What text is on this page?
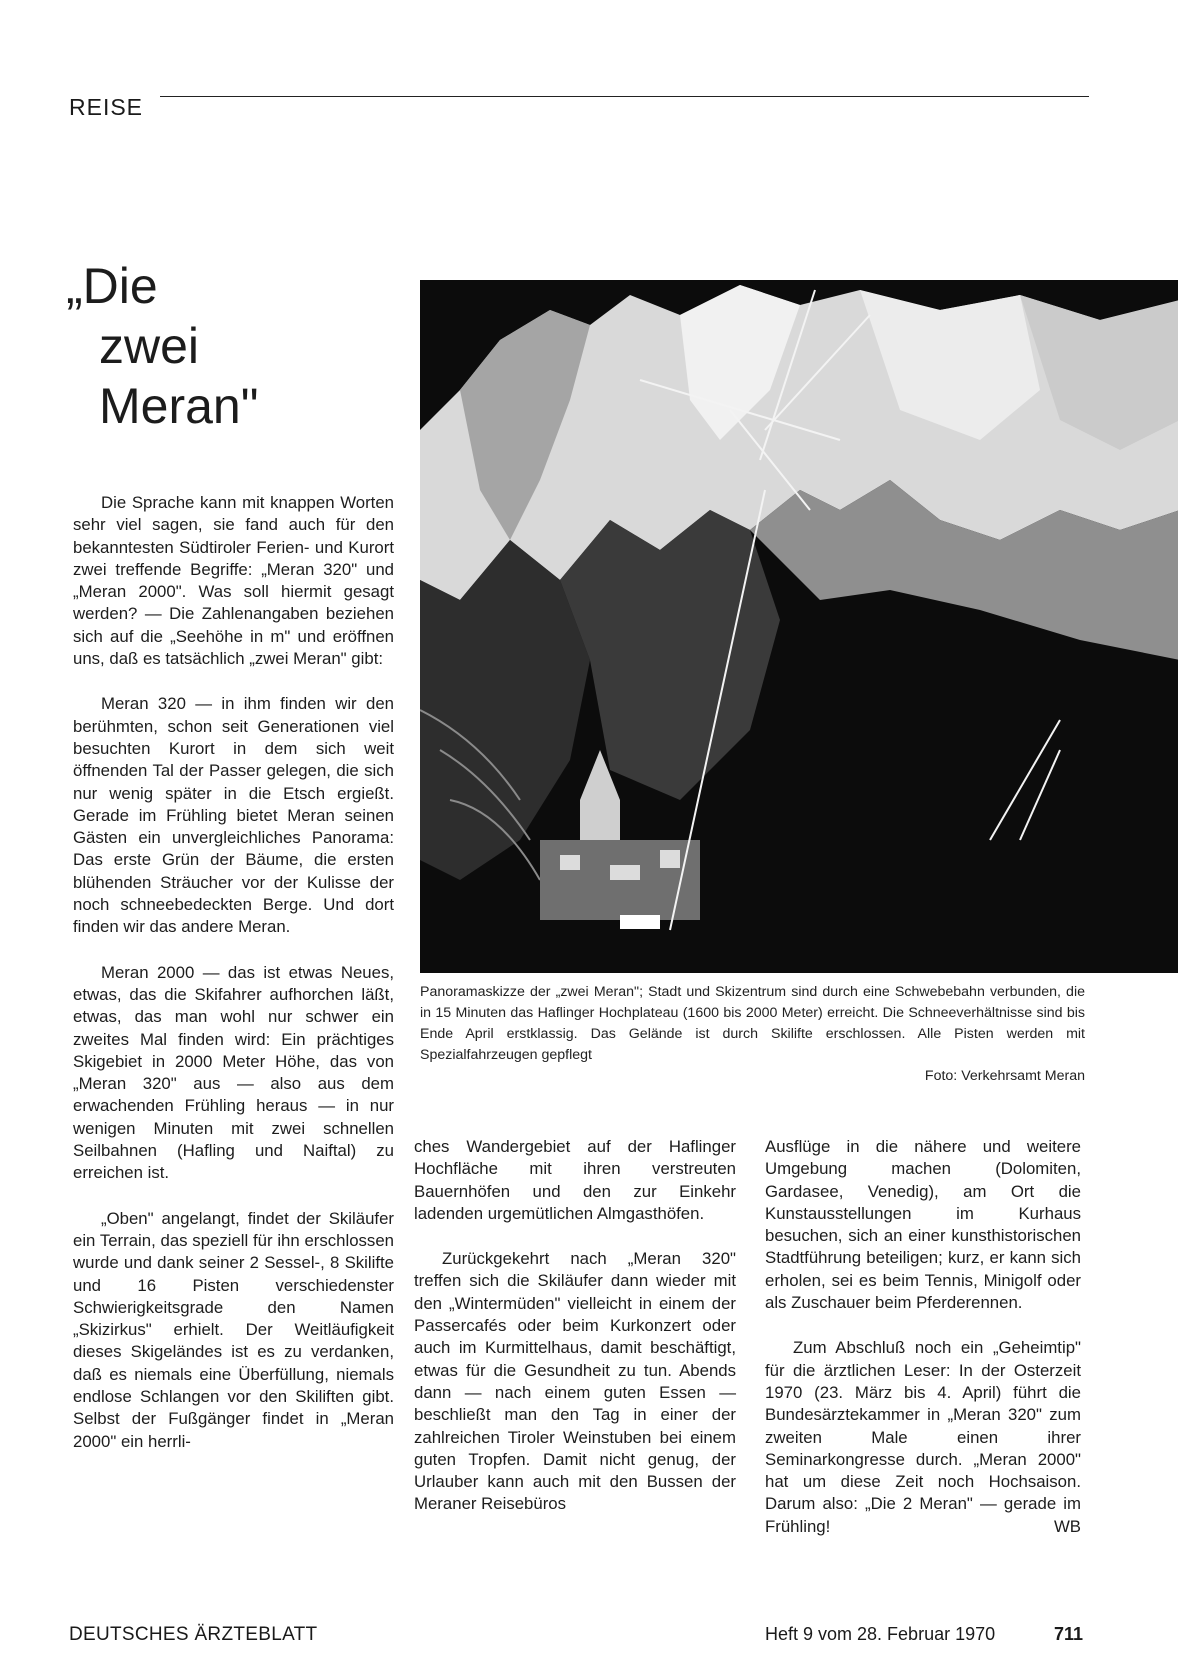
REISE
„Die
zwei
Meran"

Die Sprache kann mit knappen Worten sehr viel sagen, sie fand auch für den bekanntesten Südtiroler Ferien- und Kurort zwei treffende Begriffe: „Meran 320" und „Meran 2000". Was soll hiermit gesagt werden? — Die Zahlenangaben beziehen sich auf die „Seehöhe in m" und eröffnen uns, daß es tatsächlich „zwei Meran" gibt:

Meran 320 — in ihm finden wir den berühmten, schon seit Generationen viel besuchten Kurort in dem sich weit öffnenden Tal der Passer gelegen, die sich nur wenig später in die Etsch ergießt. Gerade im Frühling bietet Meran seinen Gästen ein unvergleichliches Panorama: Das erste Grün der Bäume, die ersten blühenden Sträucher vor der Kulisse der noch schneebedeckten Berge. Und dort finden wir das andere Meran.

Meran 2000 — das ist etwas Neues, etwas, das die Skifahrer aufhorchen läßt, etwas, das man wohl nur schwer ein zweites Mal finden wird: Ein prächtiges Skigebiet in 2000 Meter Höhe, das von „Meran 320" aus — also aus dem erwachenden Frühling heraus — in nur wenigen Minuten mit zwei schnellen Seilbahnen (Hafling und Naiftal) zu erreichen ist.

„Oben" angelangt, findet der Skiläufer ein Terrain, das speziell für ihn erschlossen wurde und dank seiner 2 Sessel-, 8 Skilifte und 16 Pisten verschiedenster Schwierigkeitsgrade den Namen „Skizirkus" erhielt. Der Weitläufigkeit dieses Skigeländes ist es zu verdanken, daß es niemals eine Überfüllung, niemals endlose Schlangen vor den Skiliften gibt. Selbst der Fußgänger findet in „Meran 2000" ein herrli-

Panoramaskizze der „zwei Meran"; Stadt und Skizentrum sind durch eine Schwebebahn verbunden, die in 15 Minuten das Haflinger Hochplateau (1600 bis 2000 Meter) erreicht. Die Schneeverhältnisse sind bis Ende April erstklassig. Das Gelände ist durch Skilifte erschlossen. Alle Pisten werden mit Spezialfahrzeugen gepflegt
Foto: Verkehrsamt Meran

ches Wandergebiet auf der Haflinger Hochfläche mit ihren verstreuten Bauernhöfen und den zur Einkehr ladenden urgemütlichen Almgasthöfen.

Zurückgekehrt nach „Meran 320" treffen sich die Skiläufer dann wieder mit den „Wintermüden" vielleicht in einem der Passercafés oder beim Kurkonzert oder auch im Kurmittelhaus, damit beschäftigt, etwas für die Gesundheit zu tun. Abends dann — nach einem guten Essen — beschließt man den Tag in einer der zahlreichen Tiroler Weinstuben bei einem guten Tropfen. Damit nicht genug, der Urlauber kann auch mit den Bussen der Meraner Reisebüros

Ausflüge in die nähere und weitere Umgebung machen (Dolomiten, Gardasee, Venedig), am Ort die Kunstausstellungen im Kurhaus besuchen, sich an einer kunsthistorischen Stadtführung beteiligen; kurz, er kann sich erholen, sei es beim Tennis, Minigolf oder als Zuschauer beim Pferderennen.

Zum Abschluß noch ein „Geheimtip" für die ärztlichen Leser: In der Osterzeit 1970 (23. März bis 4. April) führt die Bundesärztekammer in „Meran 320" zum zweiten Male einen ihrer Seminarkongresse durch. „Meran 2000" hat um diese Zeit noch Hochsaison. Darum also: „Die 2 Meran" — gerade im Frühling!	WB
DEUTSCHES ÄRZTEBLATT	Heft 9 vom 28. Februar 1970	711
